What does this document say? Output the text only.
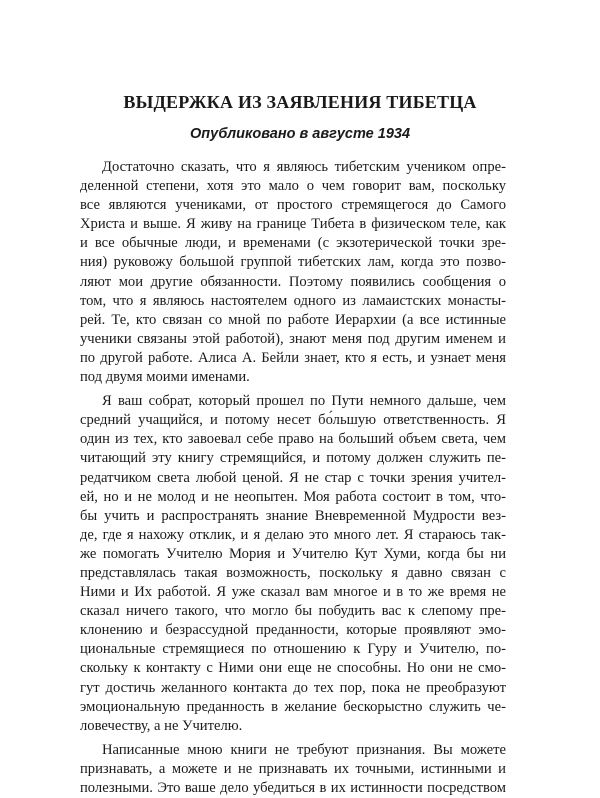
ВЫДЕРЖКА ИЗ ЗАЯВЛЕНИЯ ТИБЕТЦА
Опубликовано в августе 1934
Достаточно сказать, что я являюсь тибетским учеником опре-
деленной степени, хотя это мало о чем говорит вам, поскольку
все являются учениками, от простого стремящегося до Самого
Христа и выше. Я живу на границе Тибета в физическом теле, как
и все обычные люди, и временами (с экзотерической точки зре-
ния) руковожу большой группой тибетских лам, когда это позво-
ляют мои другие обязанности. Поэтому появились сообщения о
том, что я являюсь настоятелем одного из ламаистских монасты-
рей. Те, кто связан со мной по работе Иерархии (а все истинные
ученики связаны этой работой), знают меня под другим именем и
по другой работе. Алиса А. Бейли знает, кто я есть, и узнает меня
под двумя моими именами.
Я ваш собрат, который прошел по Пути немного дальше, чем
средний учащийся, и потому несет бо́льшую ответственность. Я
один из тех, кто завоевал себе право на больший объем света, чем
читающий эту книгу стремящийся, и потому должен служить пе-
редатчиком света любой ценой. Я не стар с точки зрения учител-
ей, но и не молод и не неопытен. Моя работа состоит в том, что-
бы учить и распространять знание Вневременной Мудрости вез-
де, где я нахожу отклик, и я делаю это много лет. Я стараюсь так-
же помогать Учителю Мория и Учителю Кут Хуми, когда бы ни
представлялась такая возможность, поскольку я давно связан с
Ними и Их работой. Я уже сказал вам многое и в то же время не
сказал ничего такого, что могло бы побудить вас к слепому пре-
клонению и безрассудной преданности, которые проявляют эмо-
циональные стремящиеся по отношению к Гуру и Учителю, по-
скольку к контакту с Ними они еще не способны. Но они не смо-
гут достичь желанного контакта до тех пор, пока не преобразуют
эмоциональную преданность в желание бескорыстно служить че-
ловечеству, а не Учителю.
Написанные мною книги не требуют признания. Вы можете
признавать, а можете и не признавать их точными, истинными и
полезными. Это ваше дело убедиться в их истинности посредством
